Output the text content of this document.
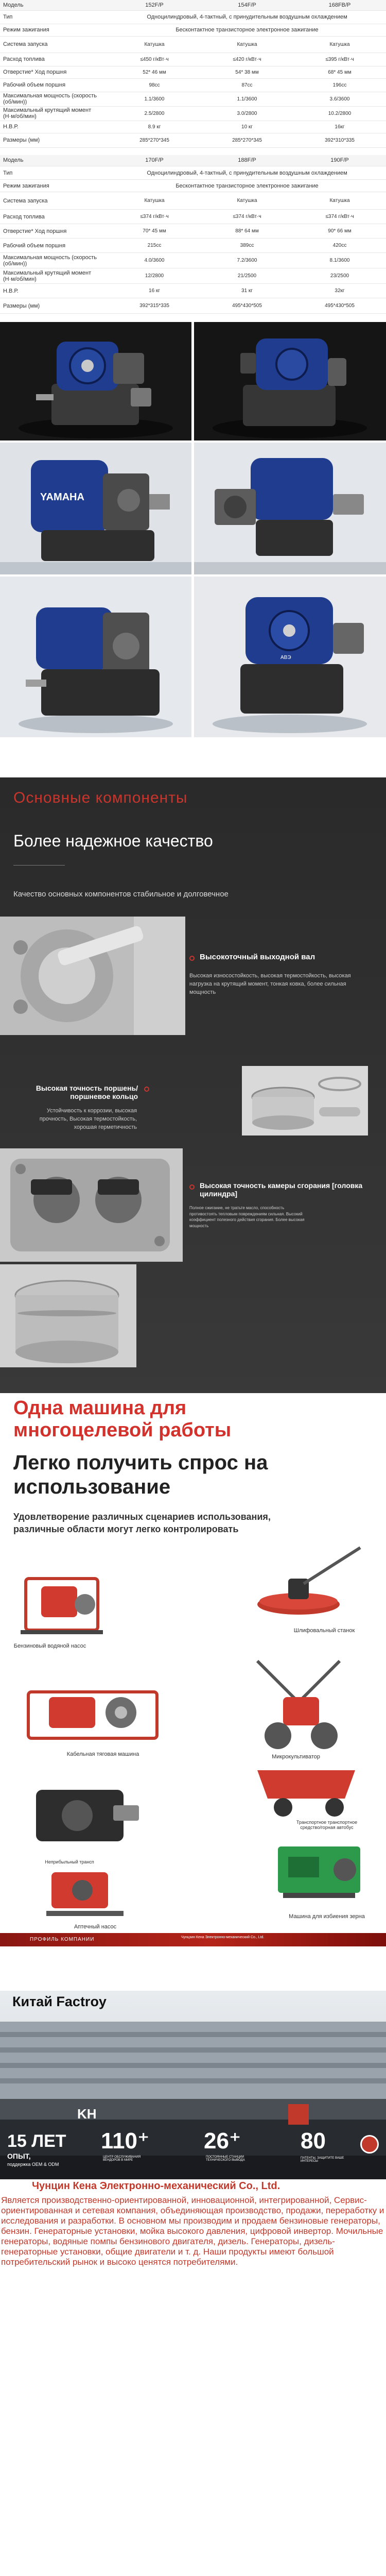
Модель	152F/P	154F/P	168FB/P
Тип	Одноцилиндровый, 4-тактный, с принудительным воздушным охлаждением		
Режим зажигания	Бесконтактное транзисторное электронное зажигание		
Система запуска	Катушка	Катушка	Катушка
Расход топлива	≤450 г/кВт·ч	≤420 г/кВт·ч	≤395 г/кВт·ч
Отверстие* Ход поршня	52* 46 мм	54* 38 мм	68* 45 мм
Рабочий объем поршня	98cc	87cc	196cc
Максимальная мощность (скорость (об/мин))	1.1/3600	1.1/3600	3.6/3600
Максимальный крутящий момент (Н·м/об/мин)	2.5/2800	3.0/2800	10.2/2800
Н.В.Р.	8.9 кг	10 кг	16кг
Размеры (мм)	285*270*345	285*270*345	392*310*335
Модель	170F/P	188F/P	190F/P
Тип	Одноцилиндровый, 4-тактный, с принудительным воздушным охлаждением		
Режим зажигания	Бесконтактное транзисторное электронное зажигание		
Система запуска	Катушка	Катушка	Катушка
Расход топлива	≤374 г/кВт·ч	≤374 г/кВт·ч	≤374 г/кВт·ч
Отверстие* Ход поршня	70* 45 мм	88* 64 мм	90* 66 мм
Рабочий объем поршня	215cc	389cc	420cc
Максимальная мощность (скорость (об/мин))	4.0/3600	7.2/3600	8.1/3600
Максимальный крутящий момент (Н·м/об/мин)	12/2800	21/2500	23/2500
Н.В.Р.	16 кг	31 кг	32кг
Размеры (мм)	392*315*335	495*430*505	495*430*505
YAMAHA
АВЭ
Основные компоненты
Более надежное качество
Качество основных компонентов стабильное и долговечное
Высокоточный выходной вал
Высокая износостойкость, высокая термостойкость, высокая нагрузка на крутящий момент, тонкая ковка, более сильная мощность
Высокая точность поршень/ поршневое кольцо
Устойчивость к коррозии, высокая прочность, Высокая термостойкость, хорошая герметичность
Высокая точность камеры сгорания [головка цилиндра]
Полное сжигание, не тратьте масло, способность противостоять тепловым повреждениям сильная. Высокий коэффициент полезного действия сгорания. Более высокая мощность
Одна машина для
многоцелевой работы
Легко получить спрос на
использование
Удовлетворение различных сценариев использования,
различные области могут легко контролировать
Бензиновый водяной насос
Шлифовальный станок
Кабельная тяговая машина	Микрокультиватор
Неприбыльный трансп
Транспортное транспортное средство/горная автобус
Машина для избиения зерна
Аптечный насос
ПРОФИЛЬ КОМПАНИИ	Чунцзин Кена Электронно-механический Со., Ltd.
KH
Китай Factroy
15 ЛЕТ
ОПЫТ,
поддержка OEM & ODM
110⁺
ЦЕНТР ОБСЛУЖИВАНИЯ ВЕНДОРОВ В МИРЕ
26⁺
ПОСТОЯННЫЕ СТАНЦИИ ТЕХНИЧЕСКОГО ВЫВОДА
80
ПАТЕНТЫ, ЗАЩИТИТЕ ВАШЕ ИНТЕРЕСЫ
Чунцин Кена Электронно-механический Co., Ltd.
Является производственно-ориентированной, инновационной, интегрированной, Сервис-ориентированная и сетевая компания, объединяющая производство, продажи, переработку и исследования и разработки. В основном мы производим и продаем бензиновые генераторы, бензин. Генераторные установки, мойка высокого давления, цифровой инвертор. Мочильные генераторы, водяные помпы бензинового двигателя, дизель. Генераторы, дизель-генераторные установки, общие двигатели и т. д. Наши продукты имеют большой потребительский рынок и высоко ценятся потребителями.
